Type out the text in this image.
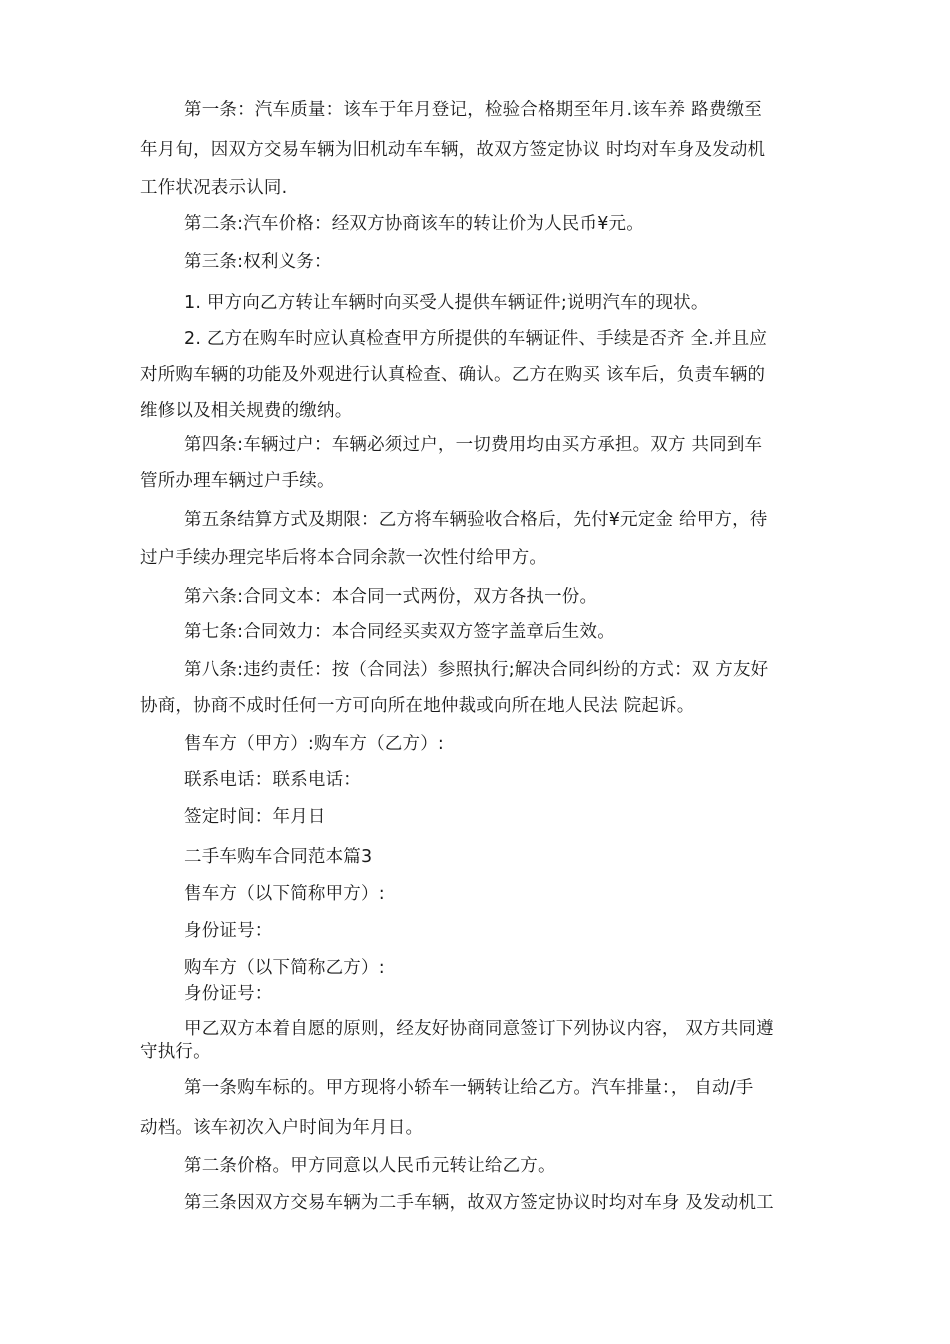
第一条：汽车质量：该车于年月登记，检验合格期至年月.该车养 路费缴至
年月旬，因双方交易车辆为旧机动车车辆，故双方签定协议 时均对车身及发动机
工作状况表示认同.
第二条:汽车价格：经双方协商该车的转让价为人民币¥元。
第三条:权利义务：
1. 甲方向乙方转让车辆时向买受人提供车辆证件;说明汽车的现状。
2. 乙方在购车时应认真检查甲方所提供的车辆证件、手续是否齐 全.并且应
对所购车辆的功能及外观进行认真检查、确认。乙方在购买 该车后，负责车辆的
维修以及相关规费的缴纳。
第四条:车辆过户：车辆必须过户，一切费用均由买方承担。双方 共同到车
管所办理车辆过户手续。
第五条结算方式及期限：乙方将车辆验收合格后，先付¥元定金 给甲方，待
过户手续办理完毕后将本合同余款一次性付给甲方。
第六条:合同文本：本合同一式两份，双方各执一份。
第七条:合同效力：本合同经买卖双方签字盖章后生效。
第八条:违约责任：按（合同法）参照执行;解决合同纠纷的方式：双 方友好
协商，协商不成时任何一方可向所在地仲裁或向所在地人民法 院起诉。
售车方（甲方）:购车方（乙方）:
联系电话：联系电话：
签定时间：年月日
二手车购车合同范本篇3
售车方（以下简称甲方）:
身份证号：
购车方（以下简称乙方）:
身份证号：
甲乙双方本着自愿的原则，经友好协商同意签订下列协议内容， 双方共同遵
守执行。
第一条购车标的。甲方现将小轿车一辆转让给乙方。汽车排量：， 自动/手
动档。该车初次入户时间为年月日。
第二条价格。甲方同意以人民币元转让给乙方。
第三条因双方交易车辆为二手车辆，故双方签定协议时均对车身 及发动机工
